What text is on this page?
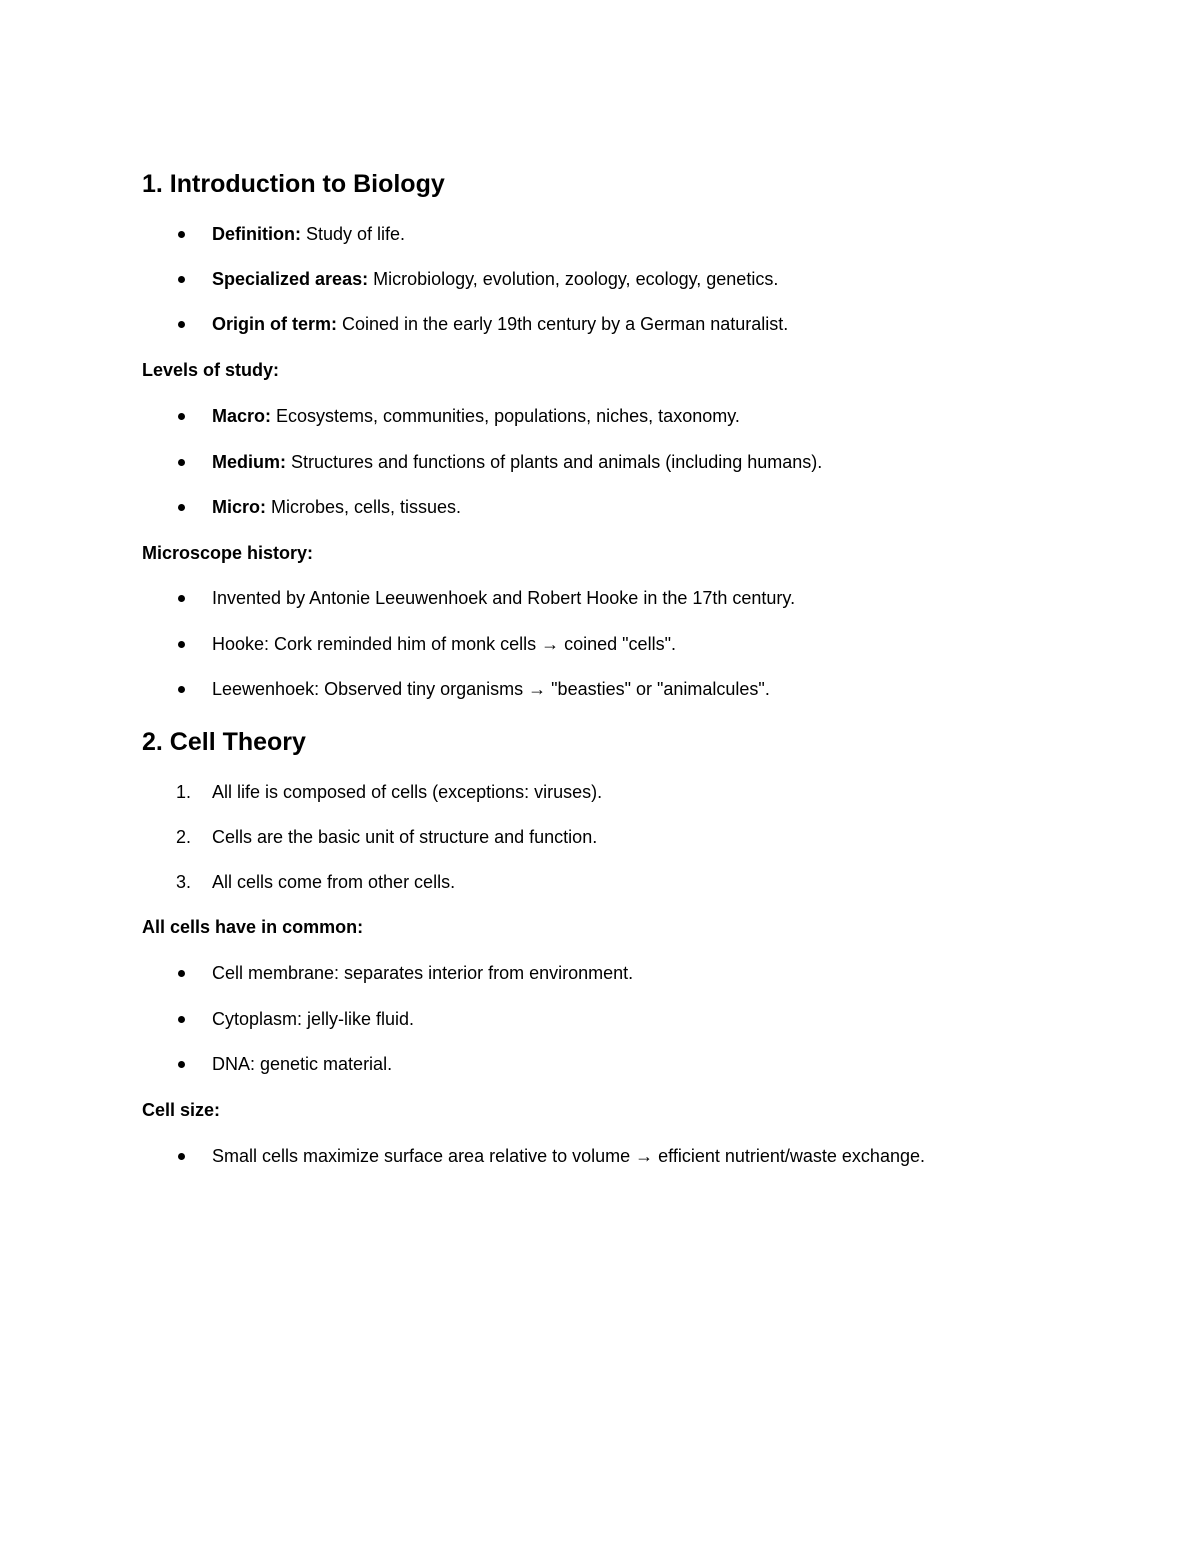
1. Introduction to Biology
Definition: Study of life.
Specialized areas: Microbiology, evolution, zoology, ecology, genetics.
Origin of term: Coined in the early 19th century by a German naturalist.
Levels of study:
Macro: Ecosystems, communities, populations, niches, taxonomy.
Medium: Structures and functions of plants and animals (including humans).
Micro: Microbes, cells, tissues.
Microscope history:
Invented by Antonie Leeuwenhoek and Robert Hooke in the 17th century.
Hooke: Cork reminded him of monk cells → coined "cells".
Leewenhoek: Observed tiny organisms → "beasties" or "animalcules".
2. Cell Theory
1. All life is composed of cells (exceptions: viruses).
2. Cells are the basic unit of structure and function.
3. All cells come from other cells.
All cells have in common:
Cell membrane: separates interior from environment.
Cytoplasm: jelly-like fluid.
DNA: genetic material.
Cell size:
Small cells maximize surface area relative to volume → efficient nutrient/waste exchange.
